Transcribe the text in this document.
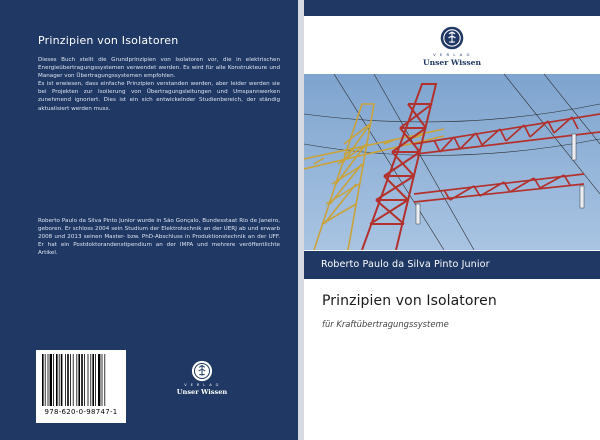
Prinzipien von Isolatoren

Dieses Buch stellt die Grundprinzipien von Isolatoren vor, die in elektrischen Energieübertragungssystemen verwendet werden. Es wird für alle Konstrukteure und Manager von Übertragungssystemen empfohlen.

Es ist erwiesen, dass einfache Prinzipien verstanden werden, aber leider werden sie bei Projekten zur Isolierung von Übertragungsleitungen und Umspannwerken zunehmend ignoriert. Dies ist ein sich entwickelnder Studienbereich, der ständig aktualisiert werden muss.

Roberto Paulo da Silva Pinto Junior wurde in São Gonçalo, Bundesstaat Rio de Janeiro, geboren. Er schloss 2004 sein Studium der Elektrotechnik an der UERJ ab und erwarb 2008 und 2013 seinen Master- bzw. PhD-Abschluss in Produktionstechnik an der UFF. Er hat ein Postdoktorandenstipendium an der IMPA und mehrere veröffentlichte Artikel.
978-620-0-98747-1
V E R L A G
Unser Wissen
V E R L A G
Unser Wissen
Roberto Paulo da Silva Pinto Junior
Prinzipien von Isolatoren
für Kraftübertragungssysteme
